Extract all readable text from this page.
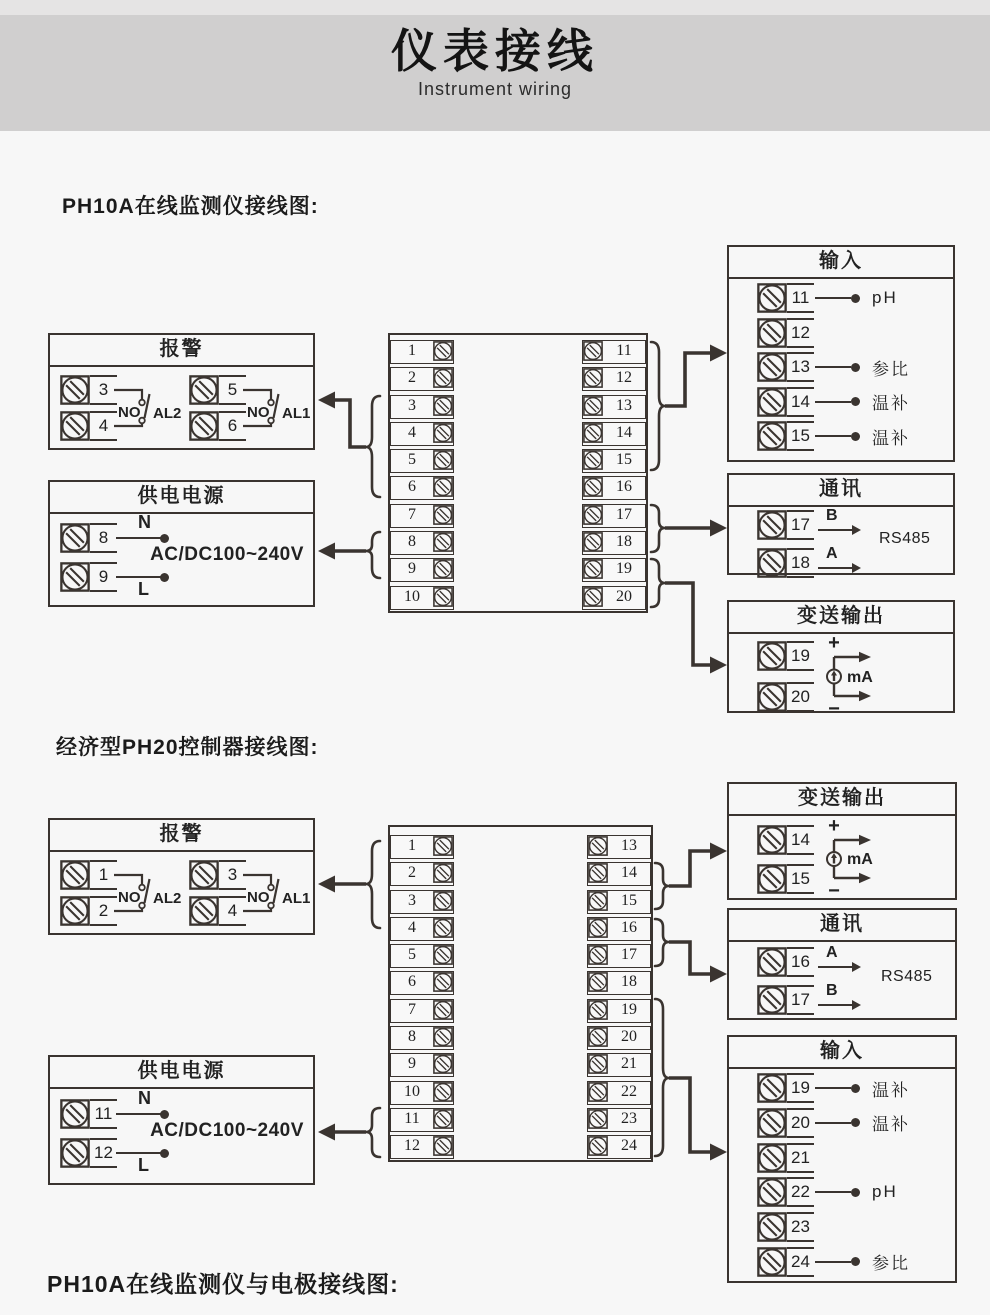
仪表接线
Instrument wiring
PH10A在线监测仪接线图:
经济型PH20控制器接线图:
PH10A在线监测仪与电极接线图:
报警
3
4
NO AL2
5
6
NO AL1
供电电源
8
9
N
AC/DC100~240V
L
1
2
3
4
5
6
7
8
9
10
11
12
13
14
15
16
17
18
19
20
输入
11	pH
12
13	参比
14	温补
15	温补
通讯
17 B
18 A
RS485
变送输出
19
20
+
−
mA
报警
1
2
NO AL2
3
4
NO AL1
1
2
3
4
5
6
7
8
9
10
11
12
13
14
15
16
17
18
19
20
21
22
23
24
供电电源
11
12
N
AC/DC100~240V
L
变送输出
14
15
+
−
mA
通讯
16 A
17 B
RS485
输入
19	温补
20	温补
21
22	pH
23
24	参比
